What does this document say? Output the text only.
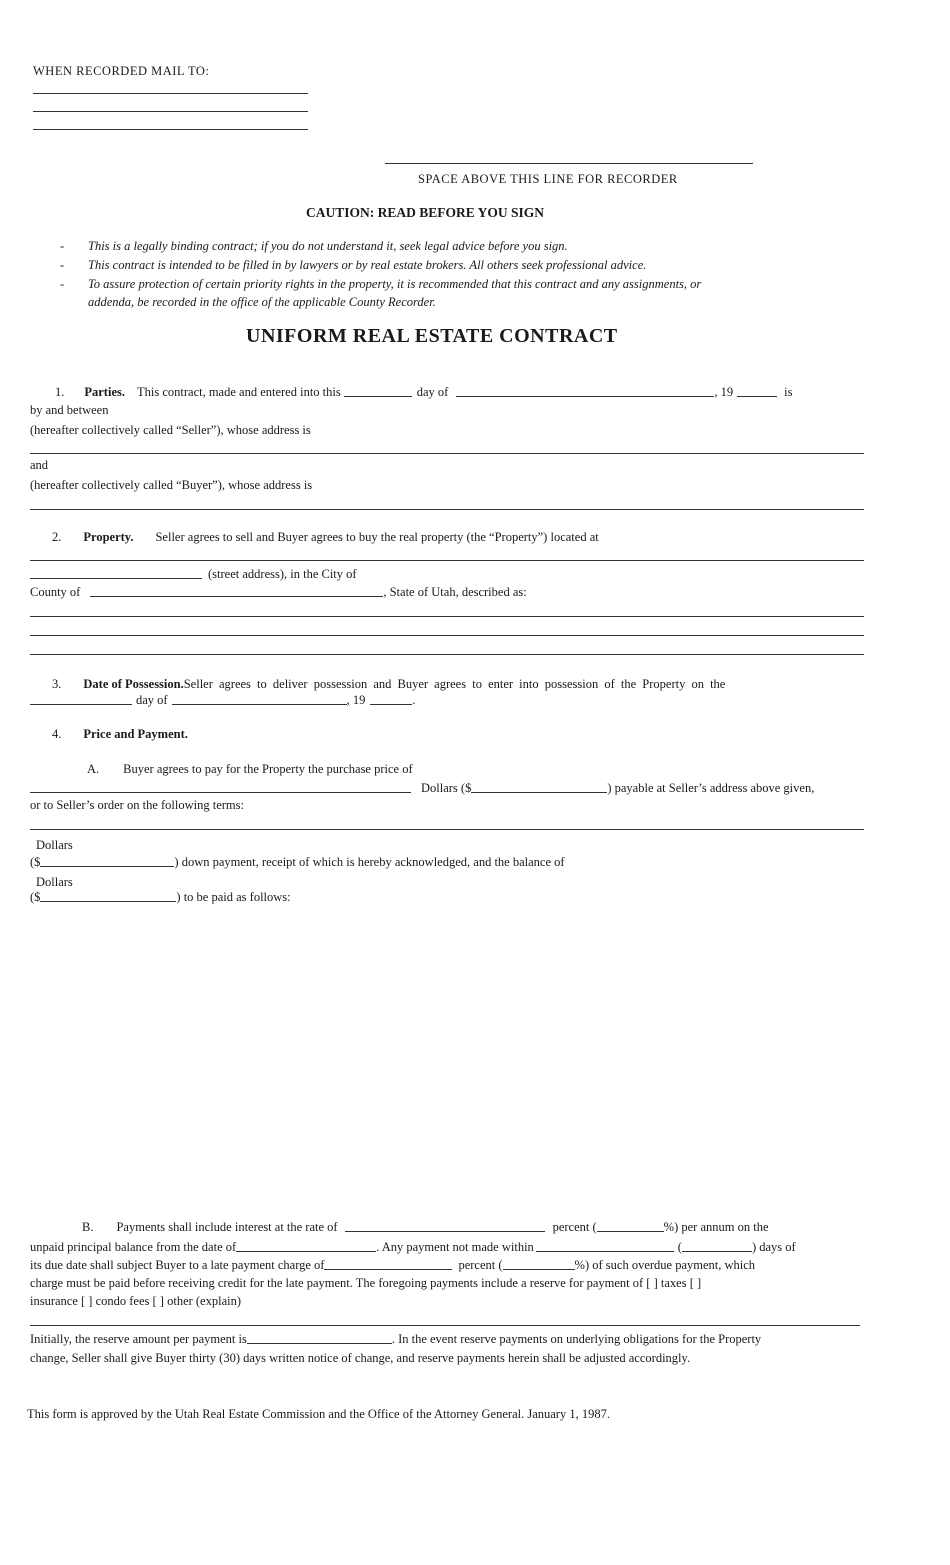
WHEN RECORDED MAIL TO:
SPACE ABOVE THIS LINE FOR RECORDER
CAUTION: READ BEFORE YOU SIGN
- This is a legally binding contract; if you do not understand it, seek legal advice before you sign.
- This contract is intended to be filled in by lawyers or by real estate brokers. All others seek professional advice.
- To assure protection of certain priority rights in the property, it is recommended that this contract and any assignments, or
addenda, be recorded in the office of the applicable County Recorder.
UNIFORM REAL ESTATE CONTRACT
1. Parties. This contract, made and entered into this	day of	, 19	is
by and between
(hereafter collectively called “Seller”), whose address is
and
(hereafter collectively called “Buyer”), whose address is
2. Property. Seller agrees to sell and Buyer agrees to buy the real property (the “Property”) located at
(street address), in the City of
County of	, State of Utah, described as:
3. Date of Possession. Seller agrees to deliver possession and Buyer agrees to enter into possession of the Property on the
day of	, 19	.
4. Price and Payment.
A. Buyer agrees to pay for the Property the purchase price of
Dollars ($	) payable at Seller’s address above given,
or to Seller’s order on the following terms:
Dollars
($	) down payment, receipt of which is hereby acknowledged, and the balance of
Dollars
($	) to be paid as follows:
B. Payments shall include interest at the rate of	percent (	%) per annum on the
unpaid principal balance from the date of	. Any payment not made within	(	) days of
its due date shall subject Buyer to a late payment charge of	percent (	%) of such overdue payment, which
charge must be paid before receiving credit for the late payment. The foregoing payments include a reserve for payment of [ ] taxes [ ]
insurance [ ] condo fees [ ] other (explain)
Initially, the reserve amount per payment is	. In the event reserve payments on underlying obligations for the Property
change, Seller shall give Buyer thirty (30) days written notice of change, and reserve payments herein shall be adjusted accordingly.
This form is approved by the Utah Real Estate Commission and the Office of the Attorney General. January 1, 1987.
